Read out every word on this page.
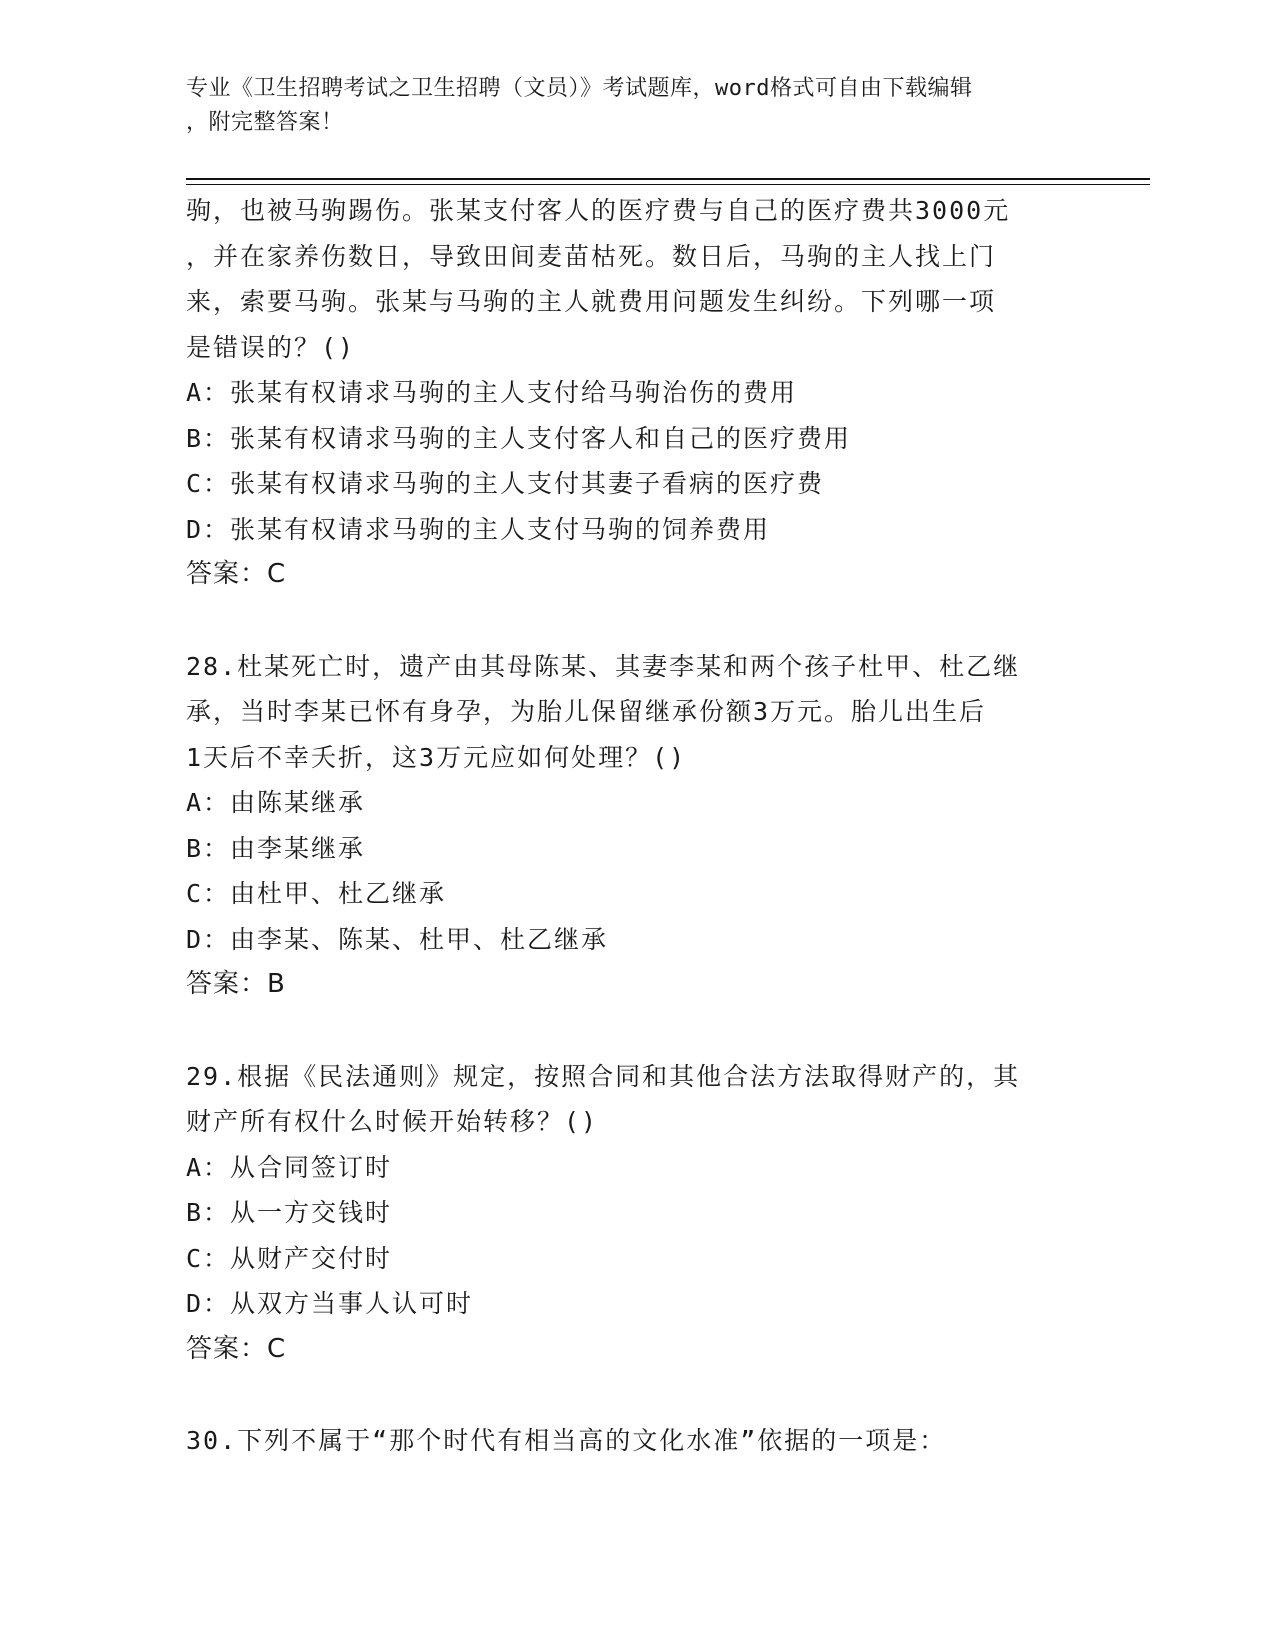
专业《卫生招聘考试之卫生招聘（文员）》考试题库，word格式可自由下载编辑
，附完整答案！
驹，也被马驹踢伤。张某支付客人的医疗费与自己的医疗费共3000元
，并在家养伤数日，导致田间麦苗枯死。数日后，马驹的主人找上门
来，索要马驹。张某与马驹的主人就费用问题发生纠纷。下列哪一项
是错误的？()
A：张某有权请求马驹的主人支付给马驹治伤的费用
B：张某有权请求马驹的主人支付客人和自己的医疗费用
C：张某有权请求马驹的主人支付其妻子看病的医疗费
D：张某有权请求马驹的主人支付马驹的饲养费用
答案：C
28.杜某死亡时，遗产由其母陈某、其妻李某和两个孩子杜甲、杜乙继
承，当时李某已怀有身孕，为胎儿保留继承份额3万元。胎儿出生后
1天后不幸夭折，这3万元应如何处理？()
A：由陈某继承
B：由李某继承
C：由杜甲、杜乙继承
D：由李某、陈某、杜甲、杜乙继承
答案：B
29.根据《民法通则》规定，按照合同和其他合法方法取得财产的，其
财产所有权什么时候开始转移？()
A：从合同签订时
B：从一方交钱时
C：从财产交付时
D：从双方当事人认可时
答案：C
30.下列不属于“那个时代有相当高的文化水准”依据的一项是：
